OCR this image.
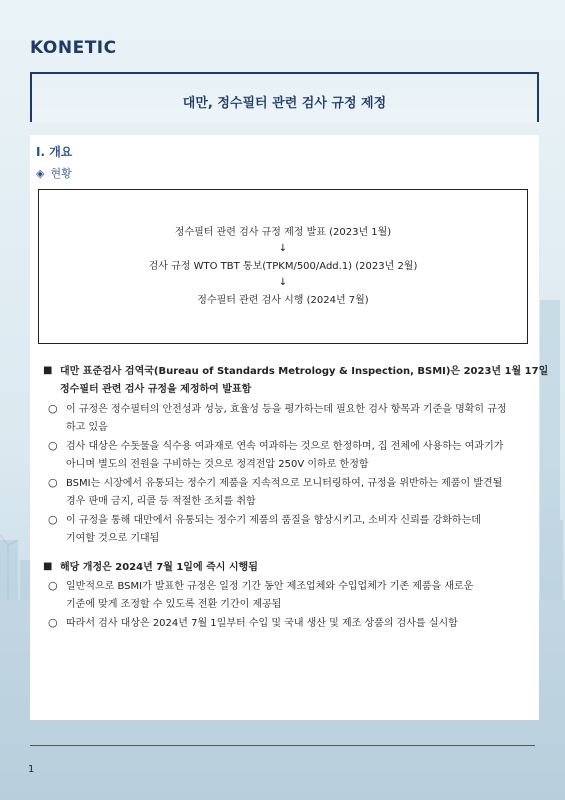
KONETIC
대만, 정수필터 관련 검사 규정 제정
I. 개요
◈ 현황
정수필터 관련 검사 규정 제정 발표 (2023년 1월)
↓
검사 규정 WTO TBT 통보(TPKM/500/Add.1) (2023년 2월)
↓
정수필터 관련 검사 시행 (2024년 7월)
■ 대만 표준검사 검역국(Bureau of Standards Metrology & Inspection, BSMI)은 2023년 1월 17일
정수필터 관련 검사 규정을 제정하여 발표함
○ 이 규정은 정수필터의 안전성과 성능, 효율성 등을 평가하는데 필요한 검사 항목과 기준을 명확히 규정
하고 있음
○ 검사 대상은 수돗물을 식수용 여과재로 연속 여과하는 것으로 한정하며, 집 전체에 사용하는 여과기가
아니며 별도의 전원을 구비하는 것으로 정격전압 250V 이하로 한정함
○ BSMI는 시장에서 유통되는 정수기 제품을 지속적으로 모니터링하여, 규정을 위반하는 제품이 발견될
경우 판매 금지, 리콜 등 적절한 조치를 취함
○ 이 규정을 통해 대만에서 유통되는 정수기 제품의 품질을 향상시키고, 소비자 신뢰를 강화하는데
기여할 것으로 기대됨
■ 해당 개정은 2024년 7월 1일에 즉시 시행됨
○ 일반적으로 BSMI가 발표한 규정은 일정 기간 동안 제조업체와 수입업체가 기존 제품을 새로운
기준에 맞게 조정할 수 있도록 전환 기간이 제공됨
○ 따라서 검사 대상은 2024년 7월 1일부터 수입 및 국내 생산 및 제조 상품의 검사를 실시함
1
